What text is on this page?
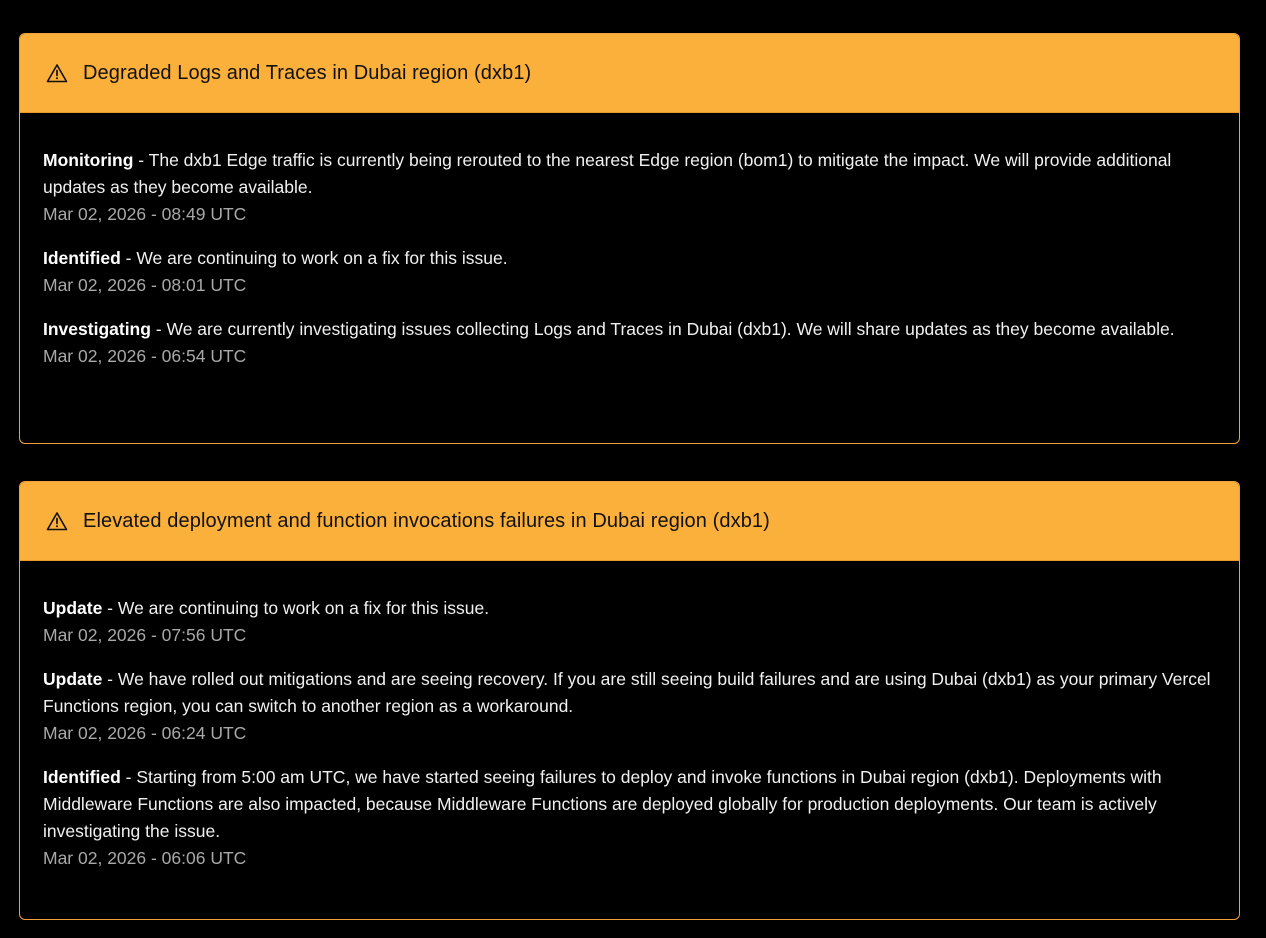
Degraded Logs and Traces in Dubai region (dxb1)
Monitoring - The dxb1 Edge traffic is currently being rerouted to the nearest Edge region (bom1) to mitigate the impact. We will provide additional updates as they become available.
Mar 02, 2026 - 08:49 UTC
Identified - We are continuing to work on a fix for this issue.
Mar 02, 2026 - 08:01 UTC
Investigating - We are currently investigating issues collecting Logs and Traces in Dubai (dxb1). We will share updates as they become available.
Mar 02, 2026 - 06:54 UTC
Elevated deployment and function invocations failures in Dubai region (dxb1)
Update - We are continuing to work on a fix for this issue.
Mar 02, 2026 - 07:56 UTC
Update - We have rolled out mitigations and are seeing recovery. If you are still seeing build failures and are using Dubai (dxb1) as your primary Vercel Functions region, you can switch to another region as a workaround.
Mar 02, 2026 - 06:24 UTC
Identified - Starting from 5:00 am UTC, we have started seeing failures to deploy and invoke functions in Dubai region (dxb1). Deployments with Middleware Functions are also impacted, because Middleware Functions are deployed globally for production deployments. Our team is actively investigating the issue.
Mar 02, 2026 - 06:06 UTC
